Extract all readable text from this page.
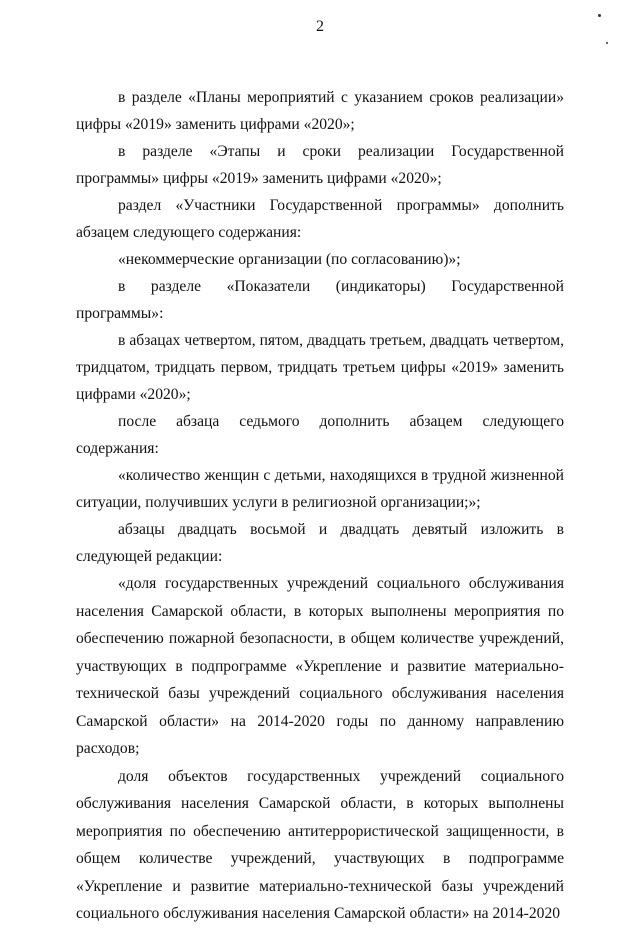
2

в разделе «Планы мероприятий с указанием сроков реализации» цифры «2019» заменить цифрами «2020»;

в разделе «Этапы и сроки реализации Государственной программы» цифры «2019» заменить цифрами «2020»;

раздел «Участники Государственной программы» дополнить абзацем следующего содержания:

«некоммерческие организации (по согласованию)»;

в разделе «Показатели (индикаторы) Государственной программы»:

в абзацах четвертом, пятом, двадцать третьем, двадцать четвертом, тридцатом, тридцать первом, тридцать третьем цифры «2019» заменить цифрами «2020»;

после абзаца седьмого дополнить абзацем следующего содержания:

«количество женщин с детьми, находящихся в трудной жизненной ситуации, получивших услуги в религиозной организации;»;

абзацы двадцать восьмой и двадцать девятый изложить в следующей редакции:

«доля государственных учреждений социального обслуживания населения Самарской области, в которых выполнены мероприятия по обеспечению пожарной безопасности, в общем количестве учреждений, участвующих в подпрограмме «Укрепление и развитие материально-технической базы учреждений социального обслуживания населения Самарской области» на 2014-2020 годы по данному направлению расходов;

доля объектов государственных учреждений социального обслуживания населения Самарской области, в которых выполнены мероприятия по обеспечению антитеррористической защищенности, в общем количестве учреждений, участвующих в подпрограмме «Укрепление и развитие материально-технической базы учреждений социального обслуживания населения Самарской области» на 2014-2020
